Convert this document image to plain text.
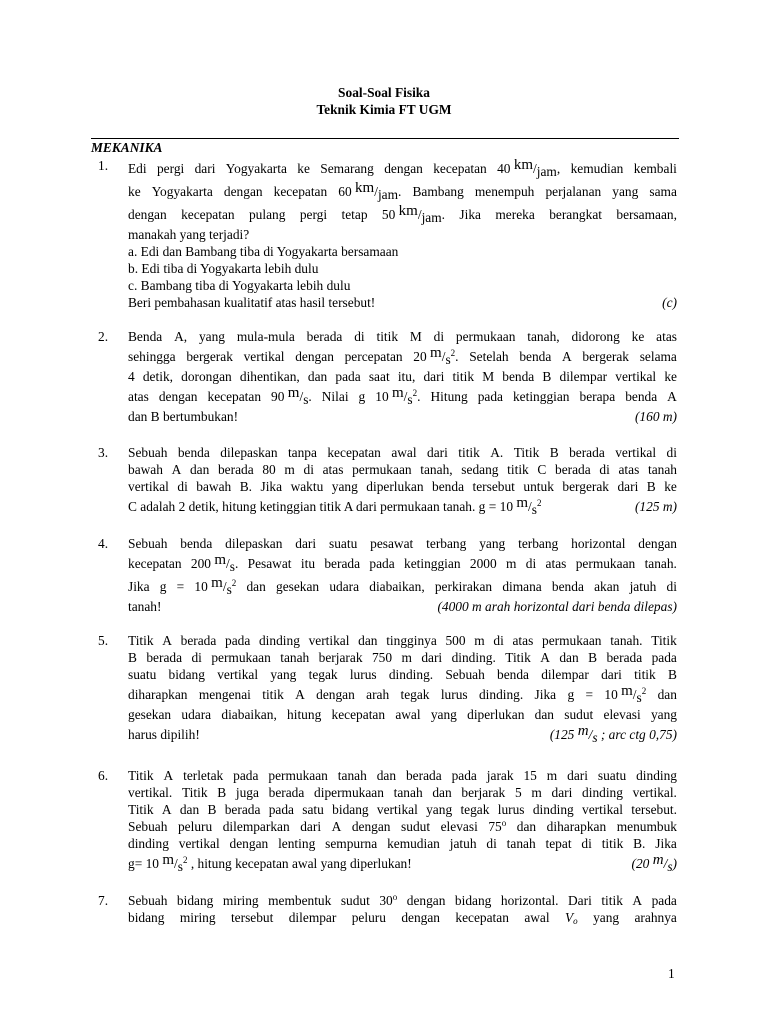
Soal-Soal Fisika
Teknik Kimia FT UGM
MEKANIKA
1. Edi pergi dari Yogyakarta ke Semarang dengan kecepatan 40 km/jam, kemudian kembali
ke Yogyakarta dengan kecepatan 60 km/jam. Bambang menempuh perjalanan yang sama
dengan kecepatan pulang pergi tetap 50 km/jam. Jika mereka berangkat bersamaan,
manakah yang terjadi?
a. Edi dan Bambang tiba di Yogyakarta bersamaan
b. Edi tiba di Yogyakarta lebih dulu
c. Bambang tiba di Yogyakarta lebih dulu
Beri pembahasan kualitatif atas hasil tersebut!	(c)
2. Benda A, yang mula-mula berada di titik M di permukaan tanah, didorong ke atas
sehingga bergerak vertikal dengan percepatan 20 $m/s^2$. Setelah benda A bergerak selama
4 detik, dorongan dihentikan, dan pada saat itu, dari titik M benda B dilempar vertikal ke
atas dengan kecepatan 90 m/s. Nilai g 10 $m/s^2$. Hitung pada ketinggian berapa benda A
dan B bertumbukan!	(160 m)
3. Sebuah benda dilepaskan tanpa kecepatan awal dari titik A. Titik B berada vertikal di
bawah A dan berada 80 m di atas permukaan tanah, sedang titik C berada di atas tanah
vertikal di bawah B. Jika waktu yang diperlukan benda tersebut untuk bergerak dari B ke
C adalah 2 detik, hitung ketinggian titik A dari permukaan tanah. g = 10 $m/s^2$	(125 m)
4. Sebuah benda dilepaskan dari suatu pesawat terbang yang terbang horizontal dengan
kecepatan 200 m/s. Pesawat itu berada pada ketinggian 2000 m di atas permukaan tanah.
Jika g = 10 $m/s^2$ dan gesekan udara diabaikan, perkirakan dimana benda akan jatuh di
tanah!	(4000 m arah horizontal dari benda dilepas)
5. Titik A berada pada dinding vertikal dan tingginya 500 m di atas permukaan tanah. Titik
B berada di permukaan tanah berjarak 750 m dari dinding. Titik A dan B berada pada
suatu bidang vertikal yang tegak lurus dinding. Sebuah benda dilempar dari titik B
diharapkan mengenai titik A dengan arah tegak lurus dinding. Jika g = 10 $m/s^2$ dan
gesekan udara diabaikan, hitung kecepatan awal yang diperlukan dan sudut elevasi yang
harus dipilih!	(125 m/s ; arc ctg 0,75)
6. Titik A terletak pada permukaan tanah dan berada pada jarak 15 m dari suatu dinding
vertikal. Titik B juga berada dipermukaan tanah dan berjarak 5 m dari dinding vertikal.
Titik A dan B berada pada satu bidang vertikal yang tegak lurus dinding vertikal tersebut.
Sebuah peluru dilemparkan dari A dengan sudut elevasi 75$^o$ dan diharapkan menumbuk
dinding vertikal dengan lenting sempurna kemudian jatuh di tanah tepat di titik B. Jika
g= 10 $m/s^2$ , hitung kecepatan awal yang diperlukan!	(20 m/s)
7. Sebuah bidang miring membentuk sudut 30$^o$ dengan bidang horizontal. Dari titik A pada
bidang miring tersebut dilempar peluru dengan kecepatan awal $V_o$ yang arahnya
1
